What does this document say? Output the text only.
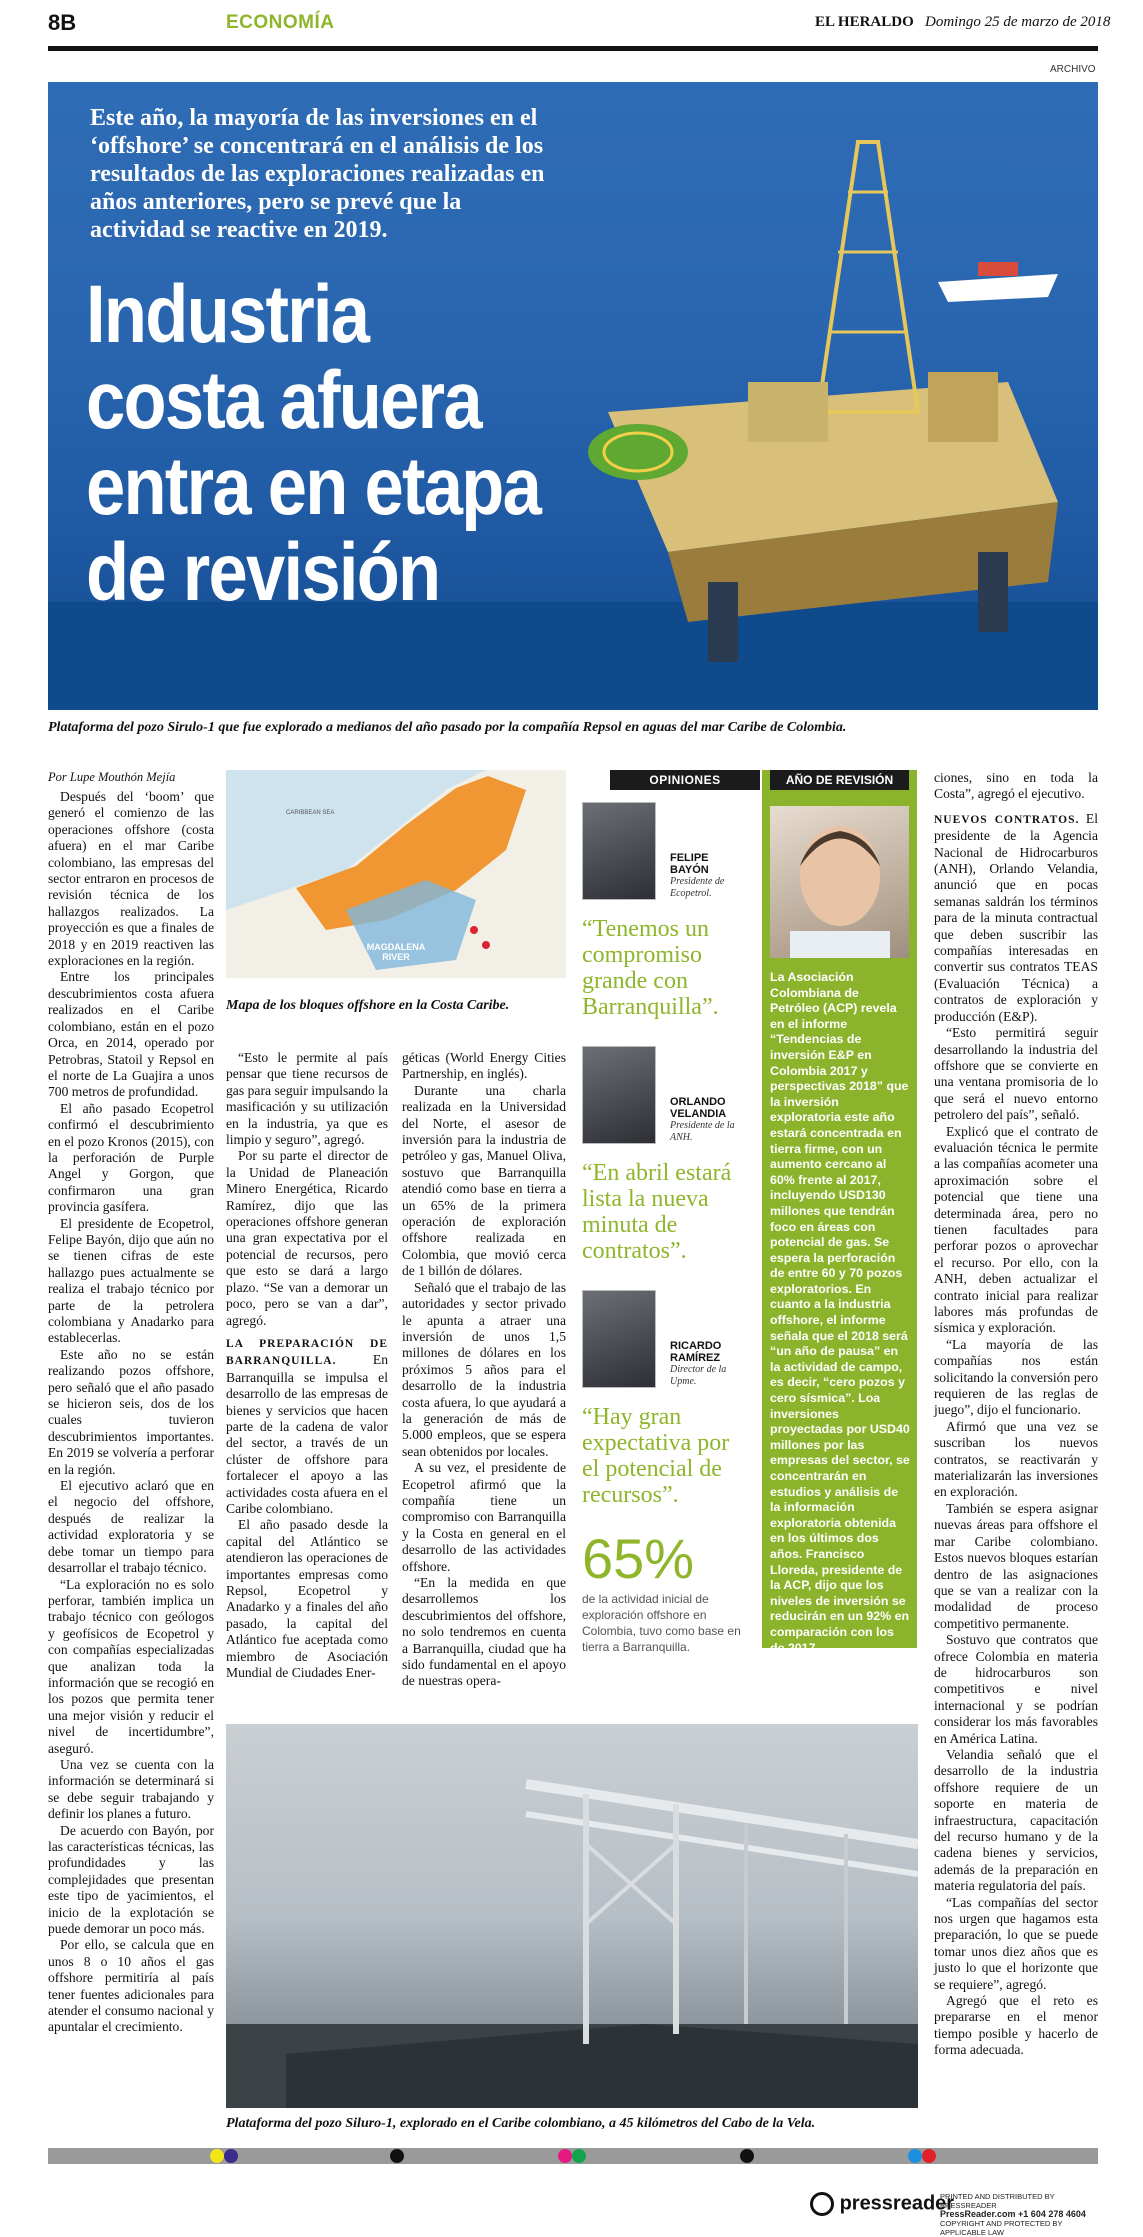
8B	ECONOMÍA	EL HERALDO Domingo 25 de marzo de 2018
ARCHIVO
Este año, la mayoría de las inversiones en el ‘offshore’ se concentrará en el análisis de los resultados de las exploraciones realizadas en años anteriores, pero se prevé que la actividad se reactive en 2019.
Industria
costa afuera
entra en etapa
de revisión
Plataforma del pozo Sirulo-1 que fue explorado a medianos del año pasado por la compañía Repsol en aguas del mar Caribe de Colombia.
Por Lupe Mouthón Mejía

Después del ‘boom’ que generó el comienzo de las operaciones offshore (costa afuera) en el mar Caribe colombiano, las empresas del sector entraron en procesos de revisión técnica de los hallazgos realizados. La proyección es que a finales de 2018 y en 2019 reactiven las exploraciones en la región.

Entre los principales descubrimientos costa afuera realizados en el Caribe colombiano, están en el pozo Orca, en 2014, operado por Petrobras, Statoil y Repsol en el norte de La Guajira a unos 700 metros de profundidad.

El año pasado Ecopetrol confirmó el descubrimiento en el pozo Kronos (2015), con la perforación de Purple Angel y Gorgon, que confirmaron una gran provincia gasífera.

El presidente de Ecopetrol, Felipe Bayón, dijo que aún no se tienen cifras de este hallazgo pues actualmente se realiza el trabajo técnico por parte de la petrolera colombiana y Anadarko para establecerlas.

Este año no se están realizando pozos offshore, pero señaló que el año pasado se hicieron seis, dos de los cuales tuvieron descubrimientos importantes. En 2019 se volvería a perforar en la región.

El ejecutivo aclaró que en el negocio del offshore, después de realizar la actividad exploratoria y se debe tomar un tiempo para desarrollar el trabajo técnico.

“La exploración no es solo perforar, también implica un trabajo técnico con geólogos y geofísicos de Ecopetrol y con compañías especializadas que analizan toda la información que se recogió en los pozos que permita tener una mejor visión y reducir el nivel de incertidumbre”, aseguró.

Una vez se cuenta con la información se determinará si se debe seguir trabajando y definir los planes a futuro.

De acuerdo con Bayón, por las características técnicas, las profundidades y las complejidades que presentan este tipo de yacimientos, el inicio de la explotación se puede demorar un poco más.

Por ello, se calcula que en unos 8 o 10 años el gas offshore permitiría al país tener fuentes adicionales para atender el consumo nacional y apuntalar el crecimiento.

CARIBBEAN SEA
MAGDALENA RIVER
Mapa de los bloques offshore en la Costa Caribe.

“Esto le permite al país pensar que tiene recursos de gas para seguir impulsando la masificación y su utilización en la industria, ya que es limpio y seguro”, agregó.

Por su parte el director de la Unidad de Planeación Minero Energética, Ricardo Ramírez, dijo que las operaciones offshore generan una gran expectativa por el potencial de recursos, pero que esto se dará a largo plazo. “Se van a demorar un poco, pero se van a dar”, agregó.

LA PREPARACIÓN DE BARRANQUILLA.	En Barranquilla se impulsa el desarrollo de las empresas de bienes y servicios que hacen parte de la cadena de valor del sector, a través de un clúster de offshore para fortalecer el apoyo a las actividades costa afuera en el Caribe colombiano.

El año pasado desde la capital del Atlántico se atendieron las operaciones de importantes empresas como Repsol, Ecopetrol y Anadarko y a finales del año pasado, la capital del Atlántico fue aceptada como miembro de Asociación Mundial de Ciudades Ener-

géticas (World Energy Cities Partnership, en inglés).

Durante una charla realizada en la Universidad del Norte, el asesor de inversión para la industria de petróleo y gas, Manuel Oliva, sostuvo que Barranquilla atendió como base en tierra a un 65% de la primera operación de exploración offshore realizada en Colombia, que movió cerca de 1 billón de dólares.

Señaló que el trabajo de las autoridades y sector privado le apunta a atraer una inversión de unos 1,5 millones de dólares en los próximos 5 años para el desarrollo de la industria costa afuera, lo que ayudará a la generación de más de 5.000 empleos, que se espera sean obtenidos por locales.

A su vez, el presidente de Ecopetrol afirmó que la compañía tiene un compromiso con Barranquilla y la Costa en general en el desarrollo de las actividades offshore.

“En la medida en que desarrollemos los descubrimientos del offshore, no solo tendremos en cuenta a Barranquilla, ciudad que ha sido fundamental en el apoyo de nuestras opera-

OPINIONES
FELIPE BAYÓN
Presidente de Ecopetrol.
“Tenemos un compromiso grande con Barranquilla”.
ORLANDO VELANDIA
Presidente de la ANH.
“En abril estará lista la nueva minuta de contratos”.
RICARDO RAMÍREZ
Director de la Upme.
“Hay gran expectativa por el potencial de recursos”.
65%
de la actividad inicial de exploración offshore en Colombia, tuvo como base en tierra a Barranquilla.
AÑO DE REVISIÓN
La Asociación Colombiana de Petróleo (ACP) revela en el informe “Tendencias de inversión E&P en Colombia 2017 y perspectivas 2018” que la inversión exploratoria este año estará concentrada en tierra firme, con un aumento cercano al 60% frente al 2017, incluyendo USD130 millones que tendrán foco en áreas con potencial de gas. Se espera la perforación de entre 60 y 70 pozos exploratorios. En cuanto a la industria offshore, el informe señala que el 2018 será “un año de pausa” en la actividad de campo, es decir, “cero pozos y cero sísmica”. Loa inversiones proyectadas por USD40 millones por las empresas del sector, se concentrarán en estudios y análisis de la información exploratoria obtenida en los últimos dos años. Francisco Lloreda, presidente de la ACP, dijo que los niveles de inversión se reducirán en un 92% en comparación con los de 2017.

ciones, sino en toda la Costa”, agregó el ejecutivo.

NUEVOS CONTRATOS. El presidente de la Agencia Nacional de Hidrocarburos (ANH), Orlando Velandia, anunció que en pocas semanas saldrán los términos para de la minuta contractual que deben suscribir las compañías interesadas en convertir sus contratos TEAS (Evaluación Técnica) a contratos de exploración y producción (E&P).

“Esto permitirá seguir desarrollando la industria del offshore que se convierte en una ventana promisoria de lo que será el nuevo entorno petrolero del país”, señaló.

Explicó que el contrato de evaluación técnica le permite a las compañías acometer una aproximación sobre el potencial que tiene una determinada área, pero no tienen facultades para perforar pozos o aprovechar el recurso. Por ello, con la ANH, deben actualizar el contrato inicial para realizar labores más profundas de sísmica y exploración.

“La mayoría de las compañías nos están solicitando la conversión pero requieren de las reglas de juego”, dijo el funcionario.

Afirmó que una vez se suscriban los nuevos contratos, se reactivarán y materializarán las inversiones en exploración.

También se espera asignar nuevas áreas para offshore el mar Caribe colombiano. Estos nuevos bloques estarían dentro de las asignaciones que se van a realizar con la modalidad de proceso competitivo permanente.

Sostuvo que contratos que ofrece Colombia en materia de hidrocarburos son competitivos e nivel internacional y se podrían considerar los más favorables en América Latina.

Velandia señaló que el desarrollo de la industria offshore requiere de un soporte en materia de infraestructura, capacitación del recurso humano y de la cadena bienes y servicios, además de la preparación en materia regulatoria del país.

“Las compañías del sector nos urgen que hagamos esta preparación, lo que se puede tomar unos diez años que es justo lo que el horizonte que se requiere”, agregó.

Agregó que el reto es prepararse en el menor tiempo posible y hacerlo de forma adecuada.

Plataforma del pozo Siluro-1, explorado en el Caribe colombiano, a 45 kilómetros del Cabo de la Vela.
pressreader
PRINTED AND DISTRIBUTED BY PRESSREADER
PressReader.com +1 604 278 4604
COPYRIGHT AND PROTECTED BY APPLICABLE LAW
